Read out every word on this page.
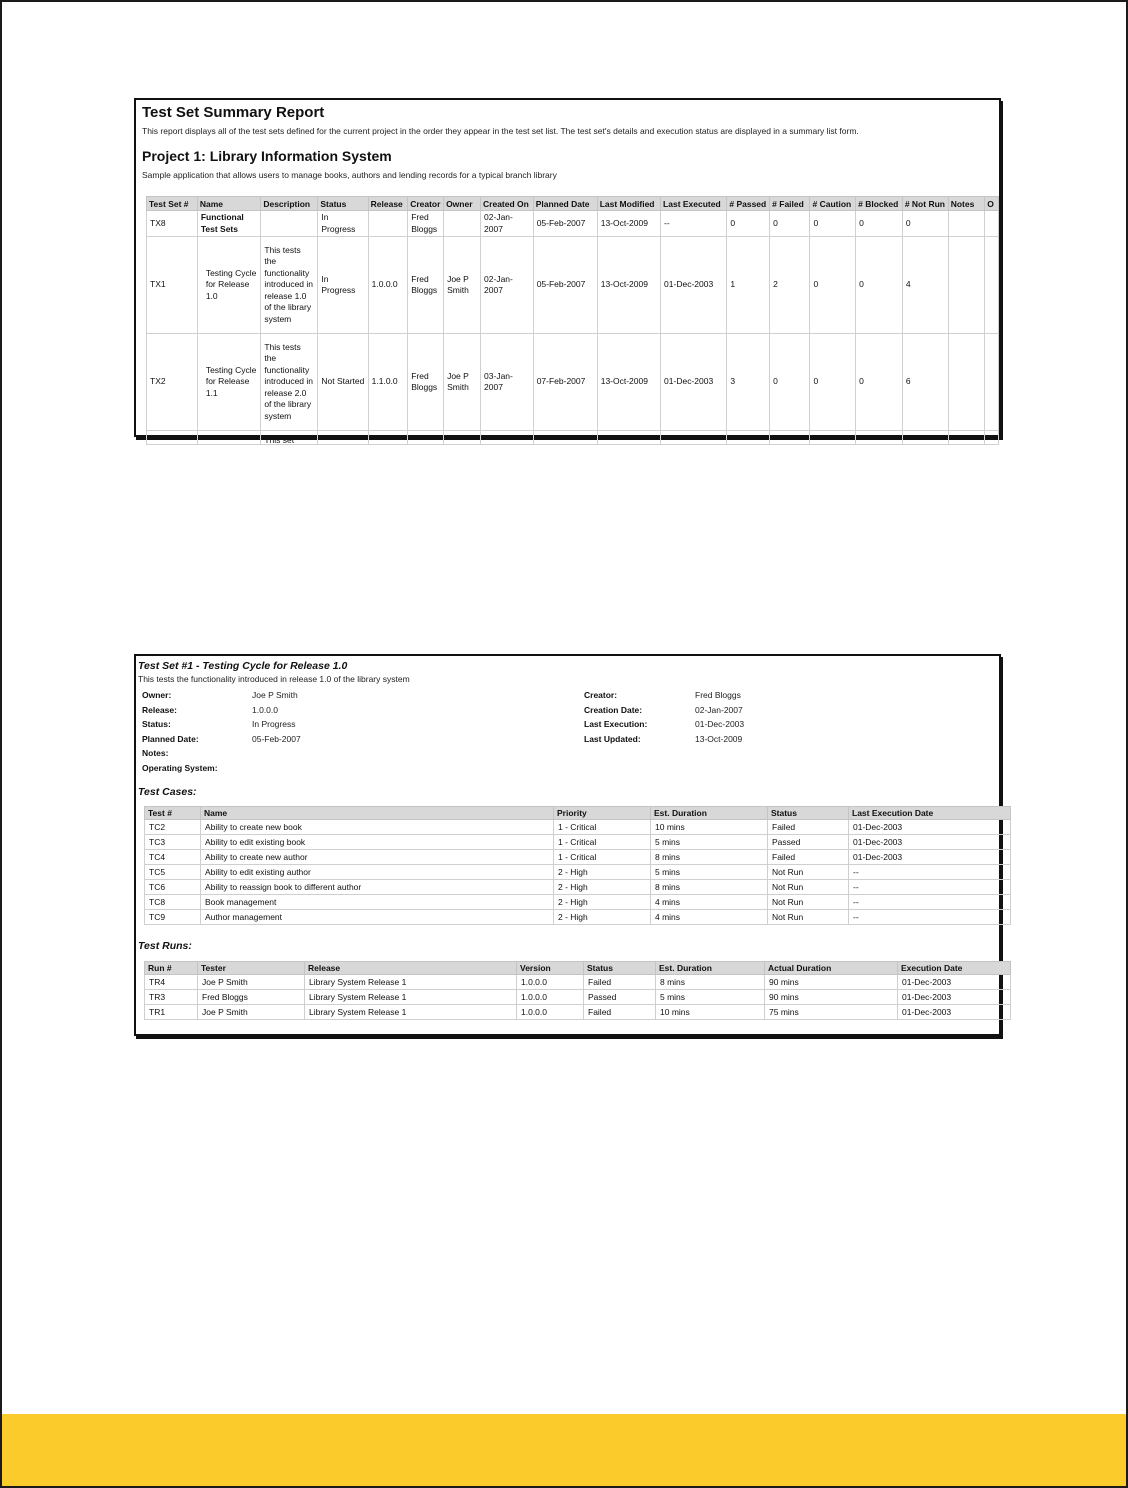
Test Set Summary Report
This report displays all of the test sets defined for the current project in the order they appear in the test set list. The test set's details and execution status are displayed in a summary list form.
Project 1: Library Information System
Sample application that allows users to manage books, authors and lending records for a typical branch library
Test Set #	Name	Description	Status	Release	Creator	Owner	Created On	Planned Date	Last Modified	Last Executed	# Passed	# Failed	# Caution	# Blocked	# Not Run	Notes	O
TX8	Functional Test Sets		In Progress		Fred Bloggs		02-Jan-2007	05-Feb-2007	13-Oct-2009	--	0	0	0	0	0		
TX1	Testing Cycle for Release 1.0	This tests the functionality introduced in release 1.0 of the library system	In Progress	1.0.0.0	Fred Bloggs	Joe P Smith	02-Jan-2007	05-Feb-2007	13-Oct-2009	01-Dec-2003	1	2	0	0	4		
TX2	Testing Cycle for Release 1.1	This tests the functionality introduced in release 2.0 of the library system	Not Started	1.1.0.0	Fred Bloggs	Joe P Smith	03-Jan-2007	07-Feb-2007	13-Oct-2009	01-Dec-2003	3	0	0	0	6		

		This set															

Test Set #1 - Testing Cycle for Release 1.0
This tests the functionality introduced in release 1.0 of the library system
Owner:	Joe P Smith
Release:	1.0.0.0
Status:	In Progress
Planned Date:	05-Feb-2007
Notes:
Operating System:
Creator:	Fred Bloggs
Creation Date:	02-Jan-2007
Last Execution:	01-Dec-2003
Last Updated:	13-Oct-2009
Test Cases:
Test #	Name	Priority	Est. Duration	Status	Last Execution Date
TC2	Ability to create new book	1 - Critical	10 mins	Failed	01-Dec-2003
TC3	Ability to edit existing book	1 - Critical	5 mins	Passed	01-Dec-2003
TC4	Ability to create new author	1 - Critical	8 mins	Failed	01-Dec-2003
TC5	Ability to edit existing author	2 - High	5 mins	Not Run	--
TC6	Ability to reassign book to different author	2 - High	8 mins	Not Run	--
TC8	Book management	2 - High	4 mins	Not Run	--
TC9	Author management	2 - High	4 mins	Not Run	--
Test Runs:
Run #	Tester	Release	Version	Status	Est. Duration	Actual Duration	Execution Date
TR4	Joe P Smith	Library System Release 1	1.0.0.0	Failed	8 mins	90 mins	01-Dec-2003
TR3	Fred Bloggs	Library System Release 1	1.0.0.0	Passed	5 mins	90 mins	01-Dec-2003
TR1	Joe P Smith	Library System Release 1	1.0.0.0	Failed	10 mins	75 mins	01-Dec-2003
